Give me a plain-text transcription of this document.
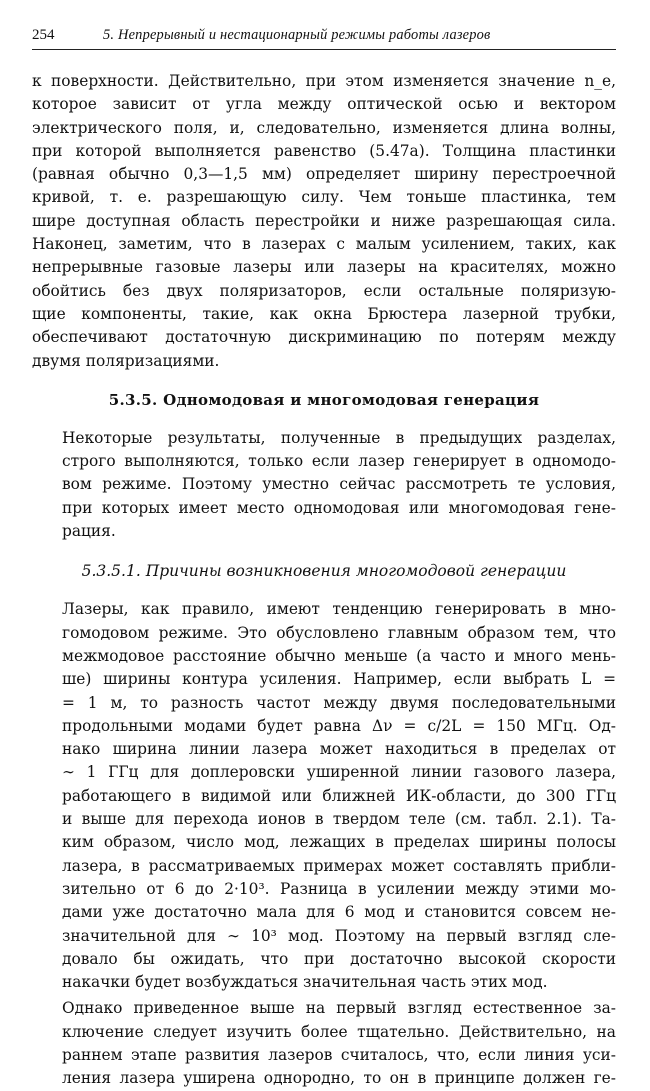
254	5. Непрерывный и нестационарный режимы работы лазеров
к поверхности. Действительно, при этом изменяется значение n_e,
которое зависит от угла между оптической осью и вектором
электрического поля, и, следовательно, изменяется длина волны,
при которой выполняется равенство (5.47а). Толщина пластинки
(равная обычно 0,3—1,5 мм) определяет ширину перестроечной
кривой, т. е. разрешающую силу. Чем тоньше пластинка, тем
шире доступная область перестройки и ниже разрешающая сила.
Наконец, заметим, что в лазерах с малым усилением, таких, как
непрерывные газовые лазеры или лазеры на красителях, можно
обойтись без двух поляризаторов, если остальные поляризую-
щие компоненты, такие, как окна Брюстера лазерной трубки,
обеспечивают достаточную дискриминацию по потерям между
двумя поляризациями.
5.3.5. Одномодовая и многомодовая генерация
Некоторые результаты, полученные в предыдущих разделах,
строго выполняются, только если лазер генерирует в одномодо-
вом режиме. Поэтому уместно сейчас рассмотреть те условия,
при которых имеет место одномодовая или многомодовая гене-
рация.
5.3.5.1. Причины возникновения многомодовой генерации
Лазеры, как правило, имеют тенденцию генерировать в мно-
гомодовом режиме. Это обусловлено главным образом тем, что
межмодовое расстояние обычно меньше (а часто и много мень-
ше) ширины контура усиления. Например, если выбрать L =
= 1 м, то разность частот между двумя последовательными
продольными модами будет равна Δν = c/2L = 150 МГц. Од-
нако ширина линии лазера может находиться в пределах от
∼ 1 ГГц для доплеровски уширенной линии газового лазера,
работающего в видимой или ближней ИК-области, до 300 ГГц
и выше для перехода ионов в твердом теле (см. табл. 2.1). Та-
ким образом, число мод, лежащих в пределах ширины полосы
лазера, в рассматриваемых примерах может составлять прибли-
зительно от 6 до 2·10³. Разница в усилении между этими мо-
дами уже достаточно мала для 6 мод и становится совсем не-
значительной для ∼ 10³ мод. Поэтому на первый взгляд сле-
довало бы ожидать, что при достаточно высокой скорости
накачки будет возбуждаться значительная часть этих мод.
Однако приведенное выше на первый взгляд естественное за-
ключение следует изучить более тщательно. Действительно, на
раннем этапе развития лазеров считалось, что, если линия уси-
ления лазера уширена однородно, то он в принципе должен ге-
